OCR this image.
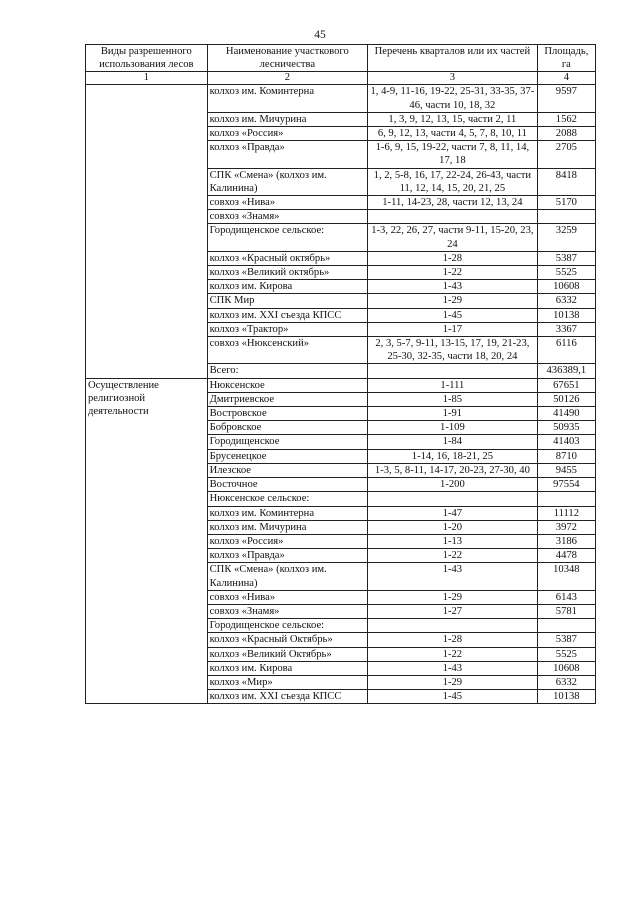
45
Виды разрешенного использования лесов	Наименование участкового лесничества	Перечень кварталов или их частей	Площадь, га
1	2	3	4
	колхоз им. Коминтерна	1, 4-9, 11-16, 19-22, 25-31, 33-35, 37-46, части 10, 18, 32	9597
	колхоз им. Мичурина	1, 3, 9, 12, 13, 15, части 2, 11	1562
	колхоз «Россия»	6, 9, 12, 13, части 4, 5, 7, 8, 10, 11	2088
	колхоз «Правда»	1-6, 9, 15, 19-22, части 7, 8, 11, 14, 17, 18	2705
	СПК «Смена» (колхоз им. Калинина)	1, 2, 5-8, 16, 17, 22-24, 26-43, части 11, 12, 14, 15, 20, 21, 25	8418
	совхоз «Нива»	1-11, 14-23, 28, части 12, 13, 24	5170
	совхоз «Знамя»		
	Городищенское сельское:	1-3, 22, 26, 27, части 9-11, 15-20, 23, 24	3259
	колхоз «Красный октябрь»	1-28	5387
	колхоз «Великий октябрь»	1-22	5525
	колхоз им. Кирова	1-43	10608
	СПК Мир	1-29	6332
	колхоз им. XXI съезда КПСС	1-45	10138
	колхоз «Трактор»	1-17	3367
	совхоз «Нюксенский»	2, 3, 5-7, 9-11, 13-15, 17, 19, 21-23, 25-30, 32-35, части 18, 20, 24	6116
	Всего:		436389,1
Осуществление религиозной деятельности	Нюксенское	1-111	67651
	Дмитриевское	1-85	50126
	Востровское	1-91	41490
	Бобровское	1-109	50935
	Городищенское	1-84	41403
	Брусенецкое	1-14, 16, 18-21, 25	8710
	Илезское	1-3, 5, 8-11, 14-17, 20-23, 27-30, 40	9455
	Восточное	1-200	97554
	Нюксенское сельское:		
	колхоз им. Коминтерна	1-47	11112
	колхоз им. Мичурина	1-20	3972
	колхоз «Россия»	1-13	3186
	колхоз «Правда»	1-22	4478
	СПК «Смена» (колхоз им. Калинина)	1-43	10348
	совхоз «Нива»	1-29	6143
	совхоз «Знамя»	1-27	5781
	Городищенское сельское:		
	колхоз «Красный Октябрь»	1-28	5387
	колхоз «Великий Октябрь»	1-22	5525
	колхоз им. Кирова	1-43	10608
	колхоз «Мир»	1-29	6332
	колхоз им. XXI съезда КПСС	1-45	10138
